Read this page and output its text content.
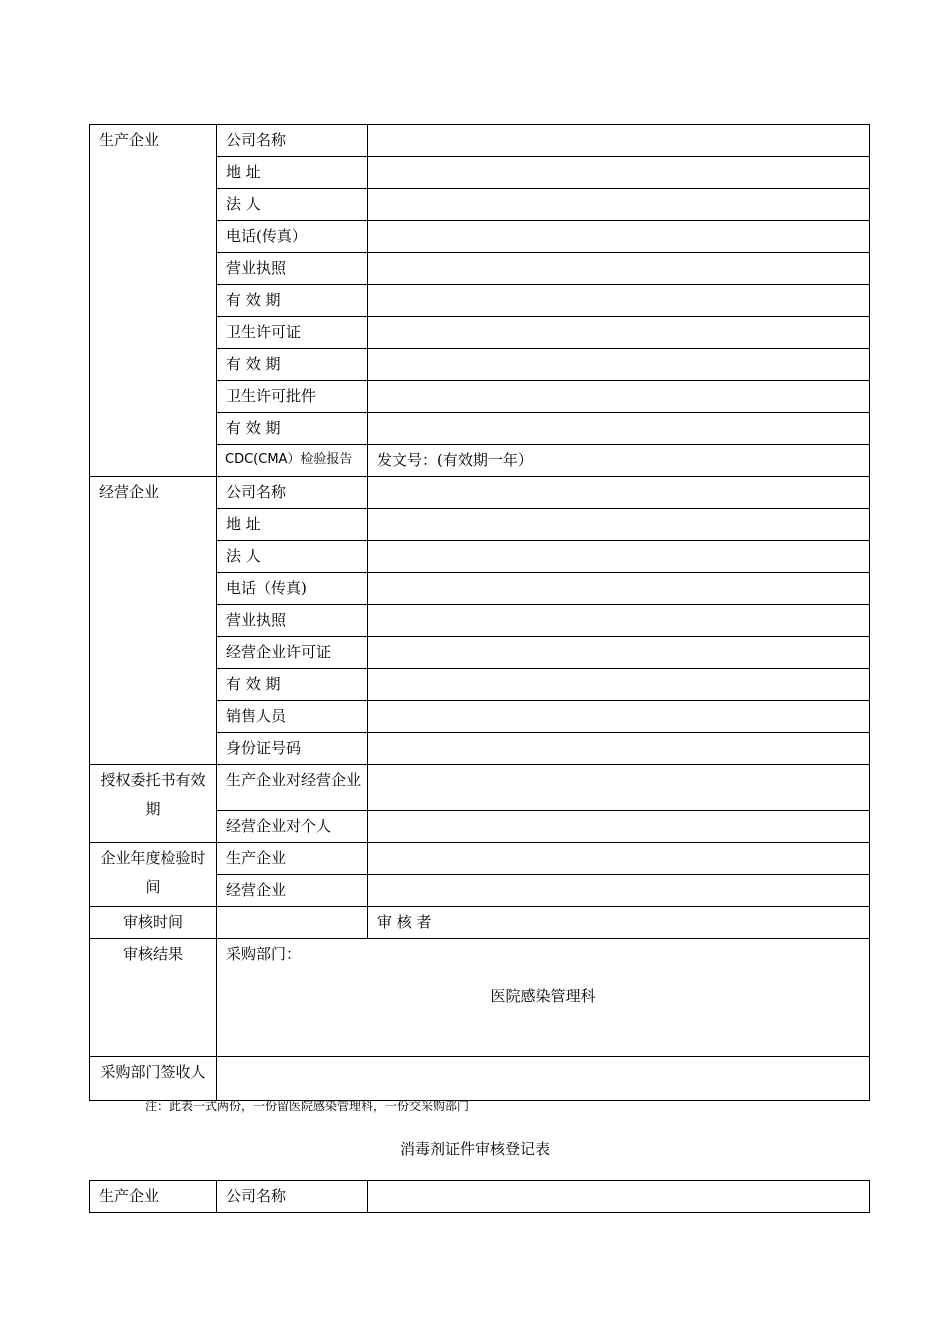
生产企业	公司名称	
	地 址	
	法 人	
	电话(传真）	
	营业执照	
	有 效 期	
	卫生许可证	
	有 效 期	
	卫生许可批件	
	有 效 期	
	CDC(CMA）检验报告	发文号：(有效期一年）
经营企业	公司名称	
	地 址	
	法 人	
	电话（传真)	
	营业执照	
	经营企业许可证	
	有 效 期	
	销售人员	
	身份证号码	
授权委托书有效期	生产企业对经营企业	
	经营企业对个人	
企业年度检验时间	生产企业	
	经营企业	
审核时间		审 核 者
审核结果	采购部门：
医院感染管理科	

采购部门签收人		
注：此表一式两份，一份留医院感染管理科，一份交采购部门
消毒剂证件审核登记表
生产企业	公司名称	
